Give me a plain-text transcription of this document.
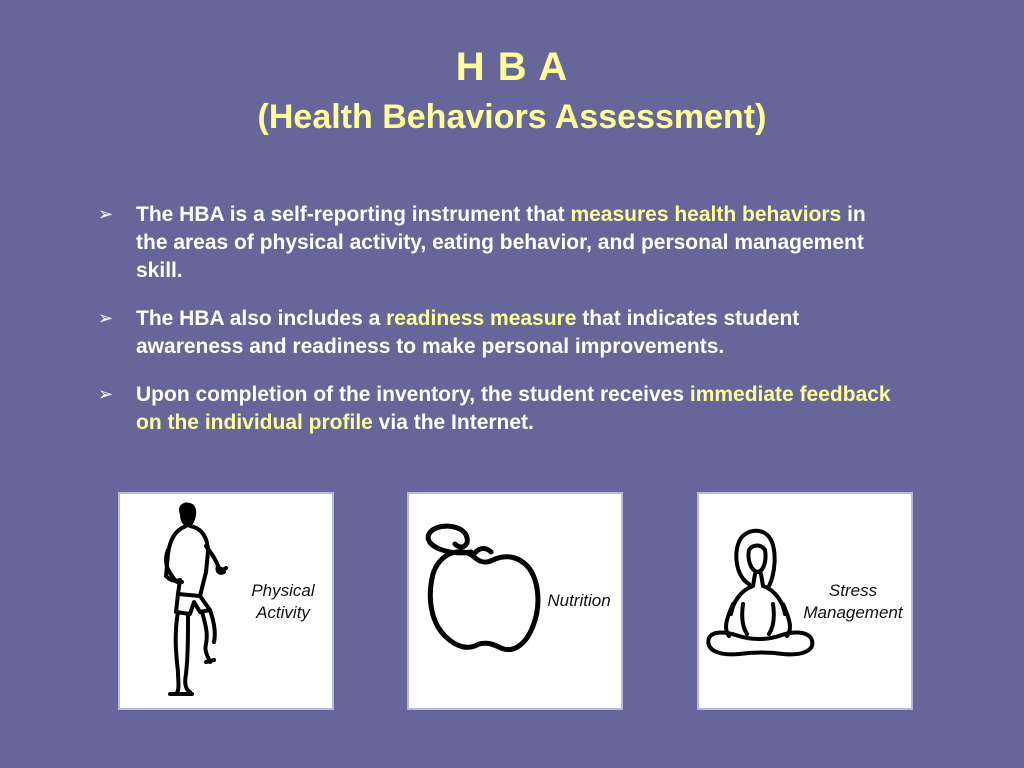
H B A
(Health Behaviors Assessment)
➢ The HBA is a self-reporting instrument that measures health behaviors in the areas of physical activity, eating behavior, and personal management skill.
➢ The HBA also includes a readiness measure that indicates student awareness and readiness to make personal improvements.
➢ Upon completion of the inventory, the student receives immediate feedback on the individual profile via the Internet.
Physical
Activity
Nutrition
Stress
Management
